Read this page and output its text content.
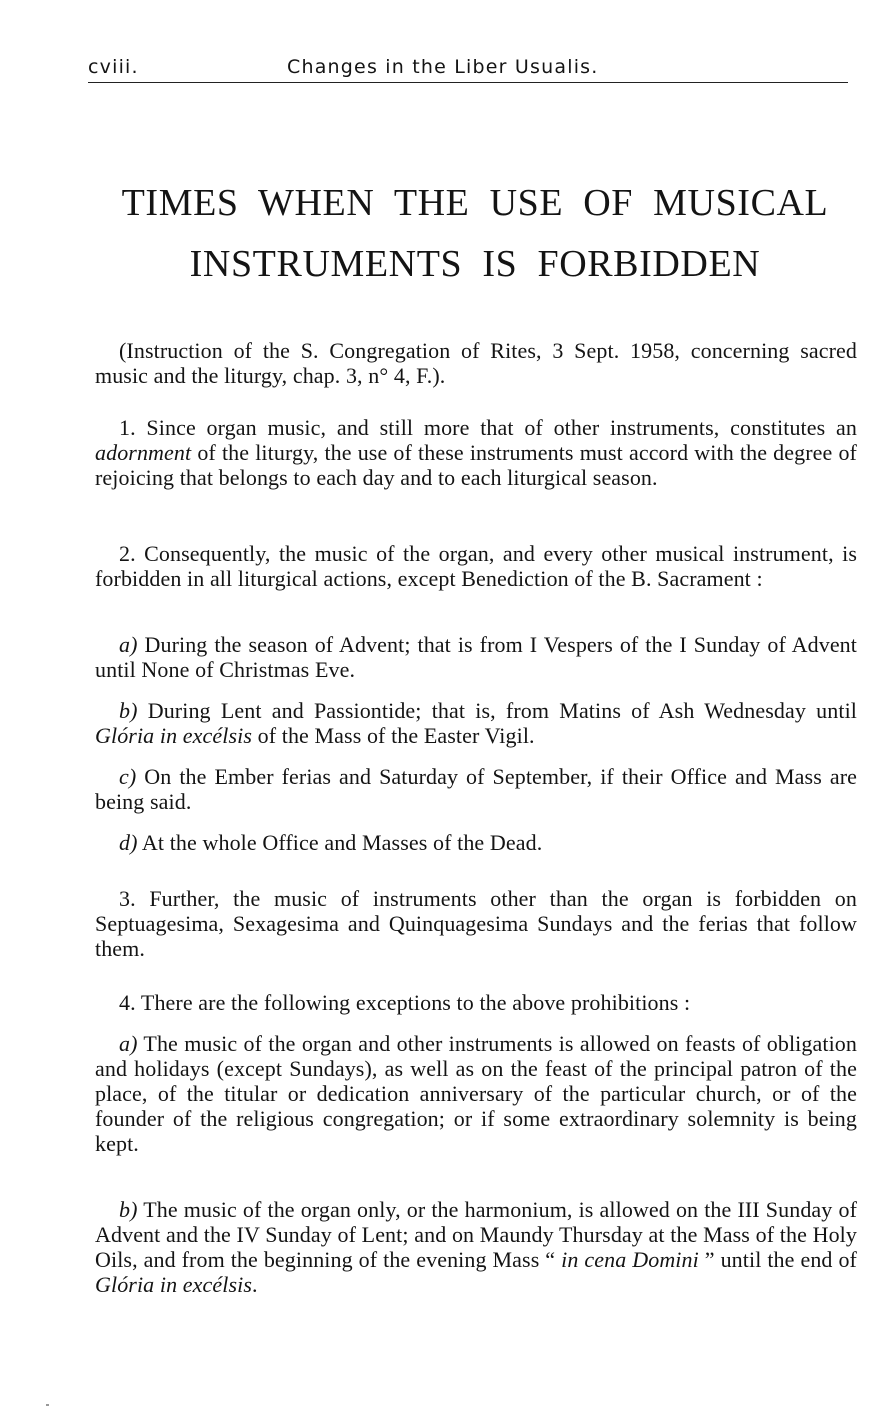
cviii.	Changes in the Liber Usualis.
TIMES WHEN THE USE OF MUSICAL
INSTRUMENTS IS FORBIDDEN
(Instruction of the S. Congregation of Rites, 3 Sept. 1958, concerning sacred music and the liturgy, chap. 3, n° 4, F.).
1. Since organ music, and still more that of other instruments, constitutes an adornment of the liturgy, the use of these instruments must accord with the degree of rejoicing that belongs to each day and to each liturgical season.
2. Consequently, the music of the organ, and every other musical instrument, is forbidden in all liturgical actions, except Benediction of the B. Sacrament :
a) During the season of Advent; that is from I Vespers of the I Sunday of Advent until None of Christmas Eve.
b) During Lent and Passiontide; that is, from Matins of Ash Wednesday until Glória in excélsis of the Mass of the Easter Vigil.
c) On the Ember ferias and Saturday of September, if their Office and Mass are being said.
d) At the whole Office and Masses of the Dead.
3. Further, the music of instruments other than the organ is forbidden on Septuagesima, Sexagesima and Quinquagesima Sundays and the ferias that follow them.
4. There are the following exceptions to the above prohibitions :
a) The music of the organ and other instruments is allowed on feasts of obligation and holidays (except Sundays), as well as on the feast of the principal patron of the place, of the titular or dedication anniversary of the particular church, or of the founder of the religious congregation; or if some extraordinary solemnity is being kept.
b) The music of the organ only, or the harmonium, is allowed on the III Sunday of Advent and the IV Sunday of Lent; and on Maundy Thursday at the Mass of the Holy Oils, and from the beginning of the evening Mass “ in cena Domini ” until the end of Glória in excélsis.
